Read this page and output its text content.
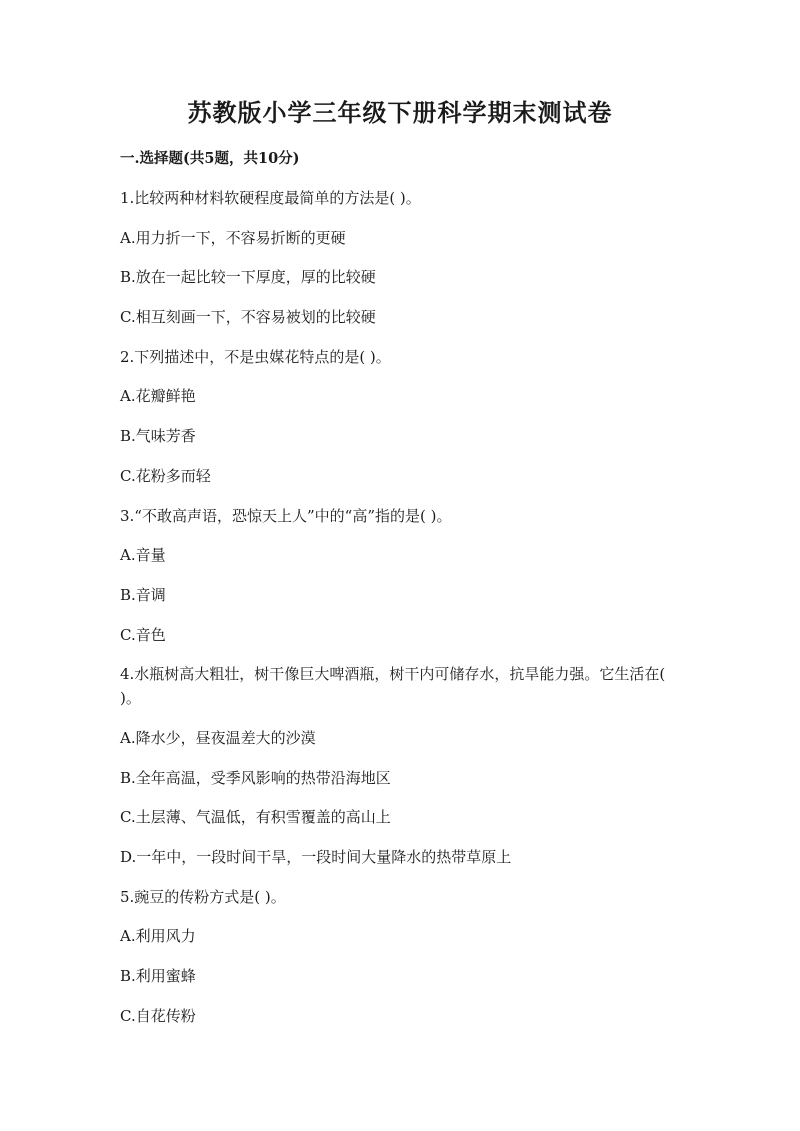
苏教版小学三年级下册科学期末测试卷
一.选择题(共5题，共10分)
1.比较两种材料软硬程度最简单的方法是( )。
A.用力折一下，不容易折断的更硬
B.放在一起比较一下厚度，厚的比较硬
C.相互刻画一下，不容易被划的比较硬
2.下列描述中，不是虫媒花特点的是( )。
A.花瓣鲜艳
B.气味芳香
C.花粉多而轻
3.“不敢高声语，恐惊天上人”中的“高”指的是( )。
A.音量
B.音调
C.音色
4.水瓶树高大粗壮，树干像巨大啤酒瓶，树干内可储存水，抗旱能力强。它生活在( )。
A.降水少，昼夜温差大的沙漠
B.全年高温，受季风影响的热带沿海地区
C.土层薄、气温低，有积雪覆盖的高山上
D.一年中，一段时间干旱，一段时间大量降水的热带草原上
5.豌豆的传粉方式是( )。
A.利用风力
B.利用蜜蜂
C.自花传粉
